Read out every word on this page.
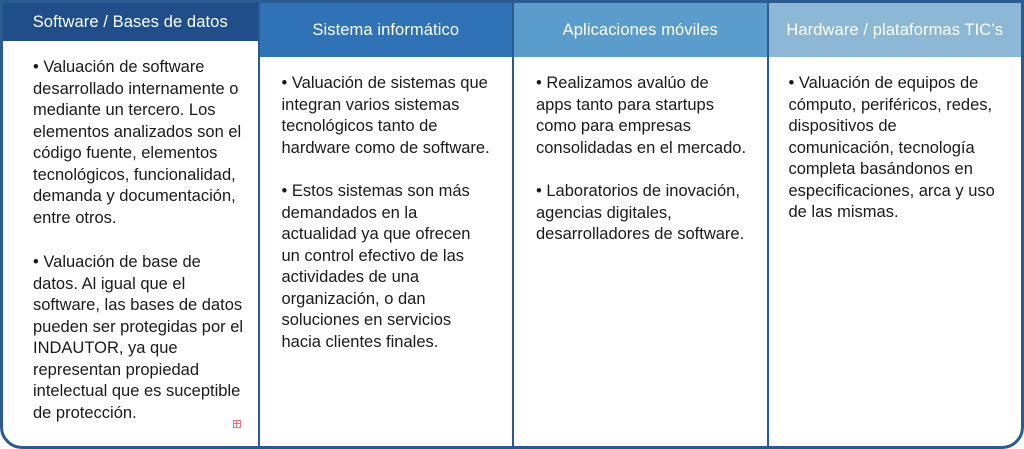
Software / Bases de datos

• Valuación de software desarrollado internamente o mediante un tercero. Los elementos analizados son el código fuente, elementos tecnológicos, funcionalidad, demanda y documentación, entre otros.

• Valuación de base de datos. Al igual que el software, las bases de datos pueden ser protegidas por el INDAUTOR, ya que representan propiedad intelectual que es suceptible de protección.

Sistema informático

• Valuación de sistemas que integran varios sistemas tecnológicos tanto de hardware como de software.

• Estos sistemas son más demandados en la actualidad ya que ofrecen un control efectivo de las actividades de una organización, o dan soluciones en servicios hacia clientes finales.

Aplicaciones móviles

• Realizamos avalúo de apps tanto para startups como para empresas consolidadas en el mercado.

• Laboratorios de inovación, agencias digitales, desarrolladores de software.

Hardware / plataformas TIC’s

• Valuación de equipos de cómputo, periféricos, redes, dispositivos de comunicación, tecnología completa basándonos en especificaciones, arca y uso de las mismas.
